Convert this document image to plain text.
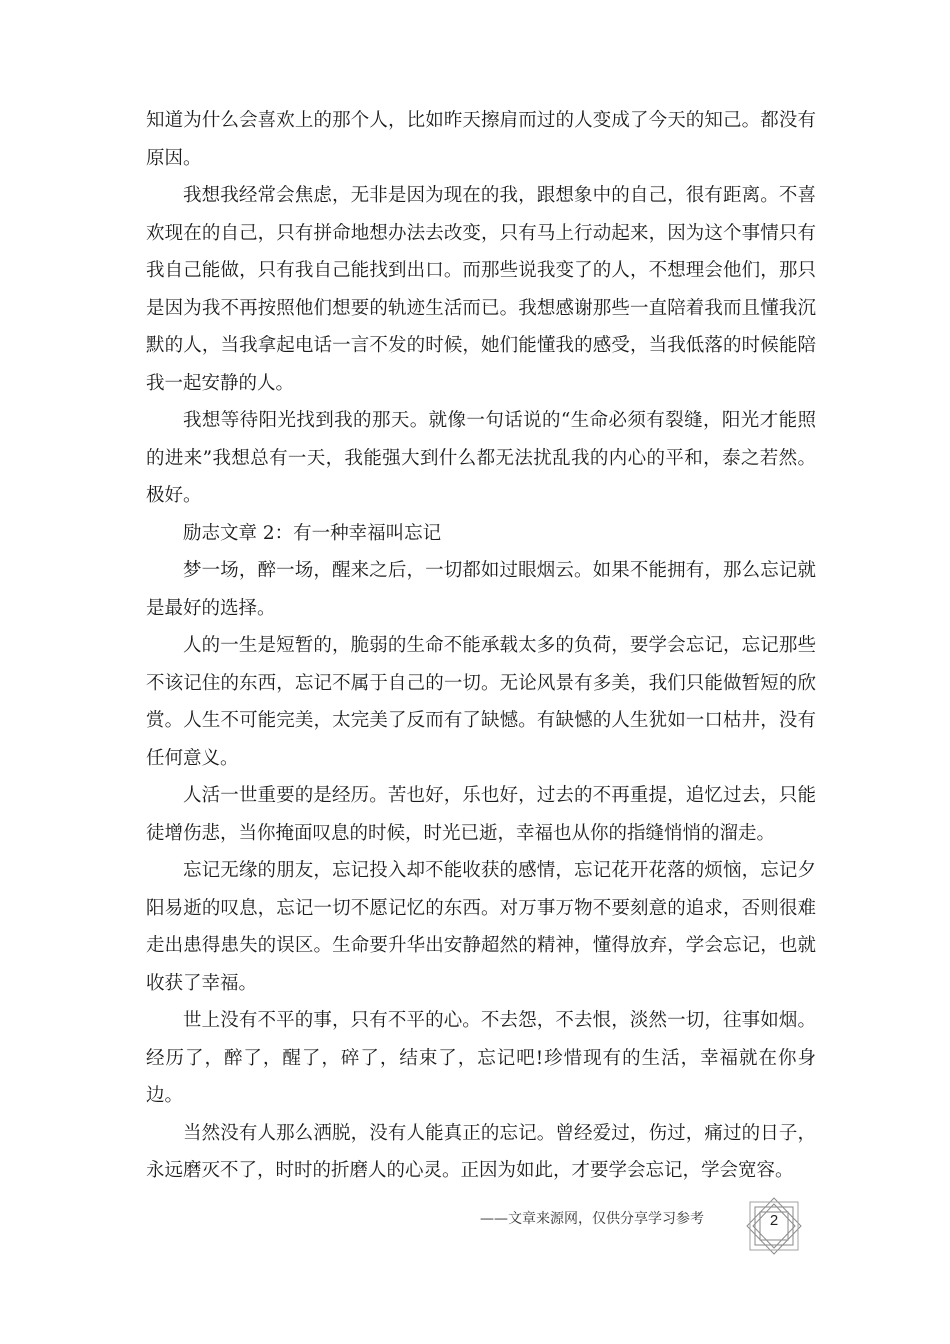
知道为什么会喜欢上的那个人，比如昨天擦肩而过的人变成了今天的知己。都没有原因。

我想我经常会焦虑，无非是因为现在的我，跟想象中的自己，很有距离。不喜欢现在的自己，只有拼命地想办法去改变，只有马上行动起来，因为这个事情只有我自己能做，只有我自己能找到出口。而那些说我变了的人，不想理会他们，那只是因为我不再按照他们想要的轨迹生活而已。我想感谢那些一直陪着我而且懂我沉默的人，当我拿起电话一言不发的时候，她们能懂我的感受，当我低落的时候能陪我一起安静的人。

我想等待阳光找到我的那天。就像一句话说的“生命必须有裂缝，阳光才能照的进来”我想总有一天，我能强大到什么都无法扰乱我的内心的平和，泰之若然。极好。

励志文章 2：有一种幸福叫忘记

梦一场，醉一场，醒来之后，一切都如过眼烟云。如果不能拥有，那么忘记就是最好的选择。

人的一生是短暂的，脆弱的生命不能承载太多的负荷，要学会忘记，忘记那些不该记住的东西，忘记不属于自己的一切。无论风景有多美，我们只能做暂短的欣赏。人生不可能完美，太完美了反而有了缺憾。有缺憾的人生犹如一口枯井，没有任何意义。

人活一世重要的是经历。苦也好，乐也好，过去的不再重提，追忆过去，只能徒增伤悲，当你掩面叹息的时候，时光已逝，幸福也从你的指缝悄悄的溜走。

忘记无缘的朋友，忘记投入却不能收获的感情，忘记花开花落的烦恼，忘记夕阳易逝的叹息，忘记一切不愿记忆的东西。对万事万物不要刻意的追求，否则很难走出患得患失的误区。生命要升华出安静超然的精神，懂得放弃，学会忘记，也就收获了幸福。

世上没有不平的事，只有不平的心。不去怨，不去恨，淡然一切，往事如烟。经历了，醉了，醒了，碎了，结束了，忘记吧!珍惜现有的生活，幸福就在你身边。

当然没有人那么洒脱，没有人能真正的忘记。曾经爱过，伤过，痛过的日子，永远磨灭不了，时时的折磨人的心灵。正因为如此，才要学会忘记，学会宽容。

——文章来源网，仅供分享学习参考	2
